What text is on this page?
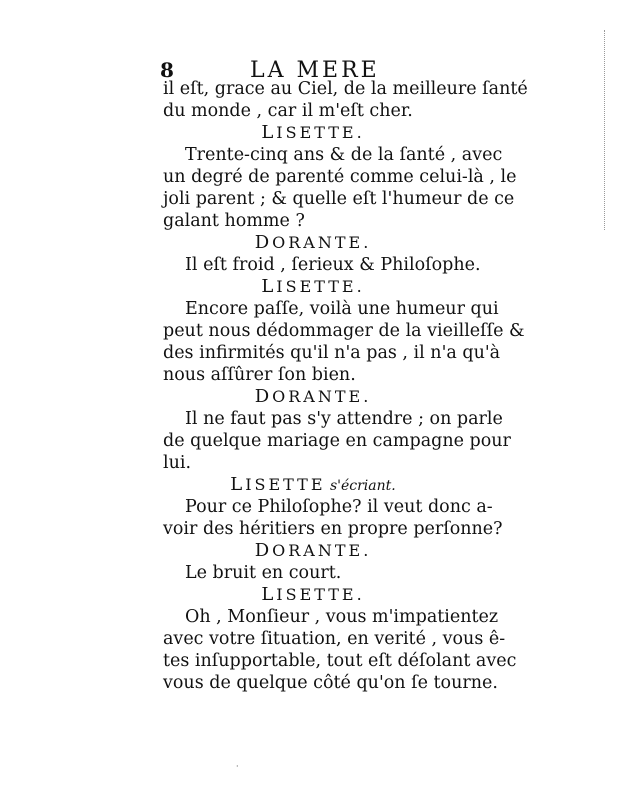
8	LA MERE
il eſt, grace au Ciel, de la meilleure ſanté
du monde , car il m'eſt cher.
LISETTE.
Trente-cinq ans & de la ſanté , avec
un degré de parenté comme celui-là , le
joli parent ; & quelle eſt l'humeur de ce
galant homme ?
DORANTE.
Il eſt froid , ſerieux & Philoſophe.
LISETTE.
Encore paſſe, voilà une humeur qui
peut nous dédommager de la vieilleſſe &
des infirmités qu'il n'a pas , il n'a qu'à
nous aſſûrer ſon bien.
DORANTE.
Il ne faut pas s'y attendre ; on parle
de quelque mariage en campagne pour
lui.
LISETTE s'écriant.
Pour ce Philoſophe? il veut donc a-
voir des héritiers en propre perſonne?
DORANTE.
Le bruit en court.
LISETTE.
Oh , Monſieur , vous m'impatientez
avec votre ſituation, en verité , vous ê-
tes inſupportable, tout eſt déſolant avec
vous de quelque côté qu'on ſe tourne.
·
